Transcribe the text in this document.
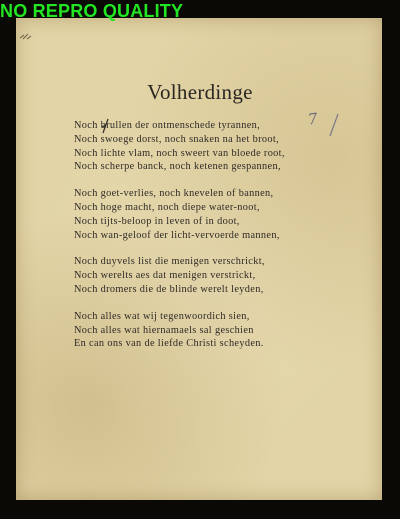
NO REPRO QUALITY
Volherdinge
7
Noch brullen der ontmenschede tyrannen,
Noch swoege dorst, noch snaken na het broot,
Noch lichte vlam, noch sweert van bloede root,
Noch scherpe banck, noch ketenen gespannen,
Noch goet-verlies, noch knevelen of bannen,
Noch hoge macht, noch diepe water-noot,
Noch tijts-beloop in leven of in doot,
Noch wan-geloof der licht-vervoerde mannen,
Noch duyvels list die menigen verschrickt,
Noch werelts aes dat menigen verstrickt,
Noch dromers die de blinde werelt leyden,
Noch alles wat wij tegenwoordich sien,
Noch alles wat hiernamaels sal geschien
En can ons van de liefde Christi scheyden.
